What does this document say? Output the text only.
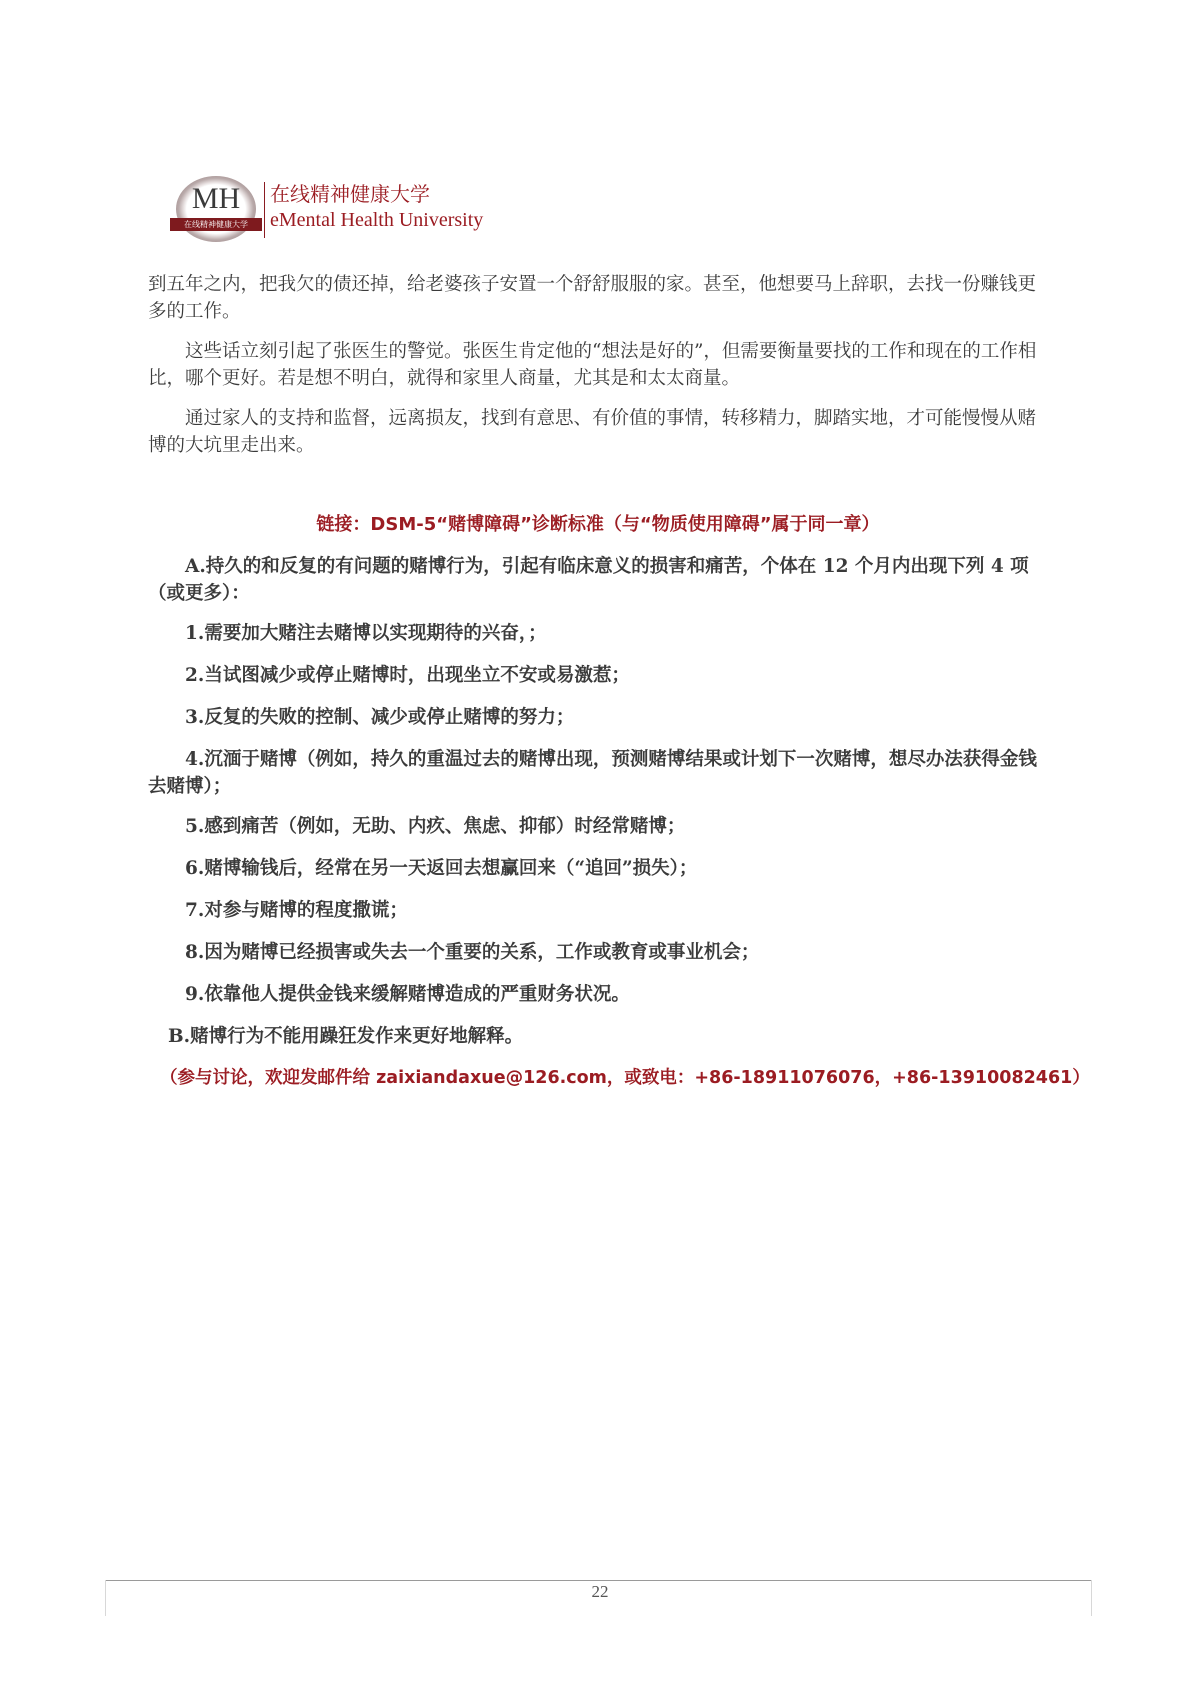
MH
在线精神健康大学
在线精神健康大学
eMental Health University
到五年之内，把我欠的债还掉，给老婆孩子安置一个舒舒服服的家。甚至，他想要马上辞职，去找一份赚钱更多的工作。
这些话立刻引起了张医生的警觉。张医生肯定他的“想法是好的”，但需要衡量要找的工作和现在的工作相比，哪个更好。若是想不明白，就得和家里人商量，尤其是和太太商量。
通过家人的支持和监督，远离损友，找到有意思、有价值的事情，转移精力，脚踏实地，才可能慢慢从赌博的大坑里走出来。
链接：DSM-5“赌博障碍”诊断标准（与“物质使用障碍”属于同一章）
A.持久的和反复的有问题的赌博行为，引起有临床意义的损害和痛苦，个体在 12 个月内出现下列 4 项（或更多）：
1.需要加大赌注去赌博以实现期待的兴奋，；
2.当试图减少或停止赌博时，出现坐立不安或易激惹；
3.反复的失败的控制、减少或停止赌博的努力；
4.沉湎于赌博（例如，持久的重温过去的赌博出现，预测赌博结果或计划下一次赌博，想尽办法获得金钱去赌博）；
5.感到痛苦（例如，无助、内疚、焦虑、抑郁）时经常赌博；
6.赌博输钱后，经常在另一天返回去想赢回来（“追回”损失）；
7.对参与赌博的程度撒谎；
8.因为赌博已经损害或失去一个重要的关系，工作或教育或事业机会；
9.依靠他人提供金钱来缓解赌博造成的严重财务状况。
B.赌博行为不能用躁狂发作来更好地解释。
（参与讨论，欢迎发邮件给 zaixiandaxue@126.com，或致电：+86-18911076076，+86-13910082461）
22
